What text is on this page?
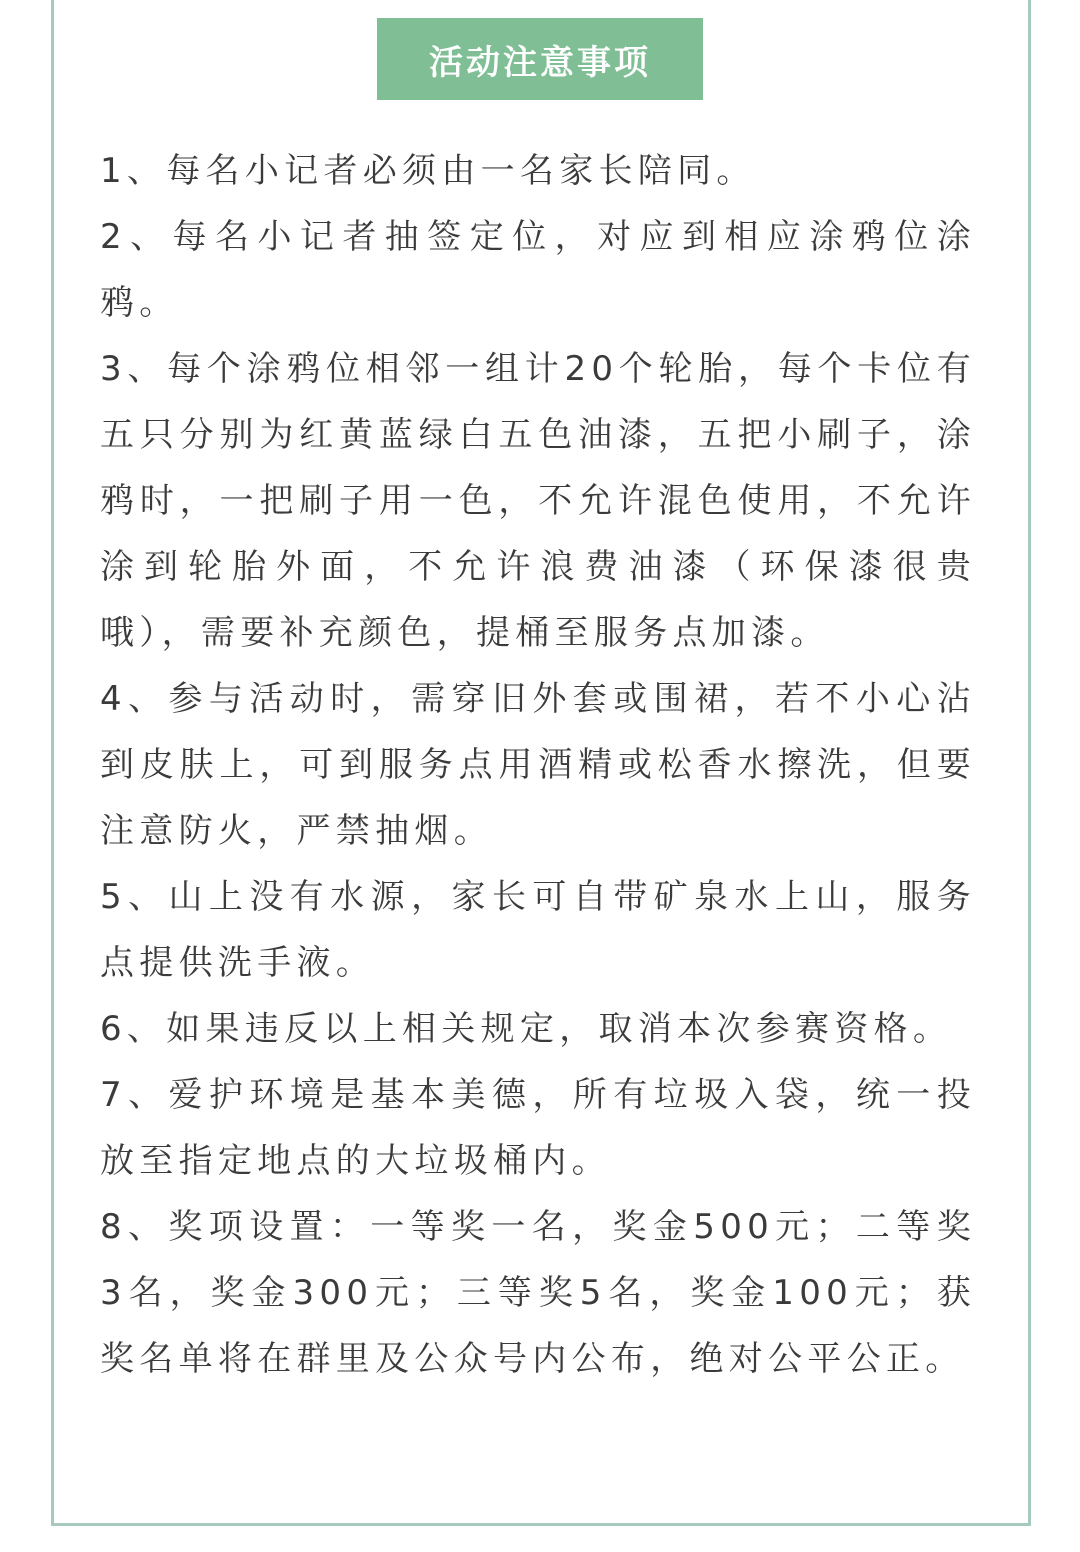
活动注意事项

1、每名小记者必须由一名家长陪同。

2、每名小记者抽签定位，对应到相应涂鸦位涂鸦。

3、每个涂鸦位相邻一组计20个轮胎，每个卡位有五只分别为红黄蓝绿白五色油漆，五把小刷子，涂鸦时，一把刷子用一色，不允许混色使用，不允许涂到轮胎外面，不允许浪费油漆（环保漆很贵哦），需要补充颜色，提桶至服务点加漆。

4、参与活动时，需穿旧外套或围裙，若不小心沾到皮肤上，可到服务点用酒精或松香水擦洗，但要注意防火，严禁抽烟。

5、山上没有水源，家长可自带矿泉水上山，服务点提供洗手液。

6、如果违反以上相关规定，取消本次参赛资格。

7、爱护环境是基本美德，所有垃圾入袋，统一投放至指定地点的大垃圾桶内。

8、奖项设置：一等奖一名，奖金500元；二等奖3名，奖金300元；三等奖5名，奖金100元；获奖名单将在群里及公众号内公布，绝对公平公正。
